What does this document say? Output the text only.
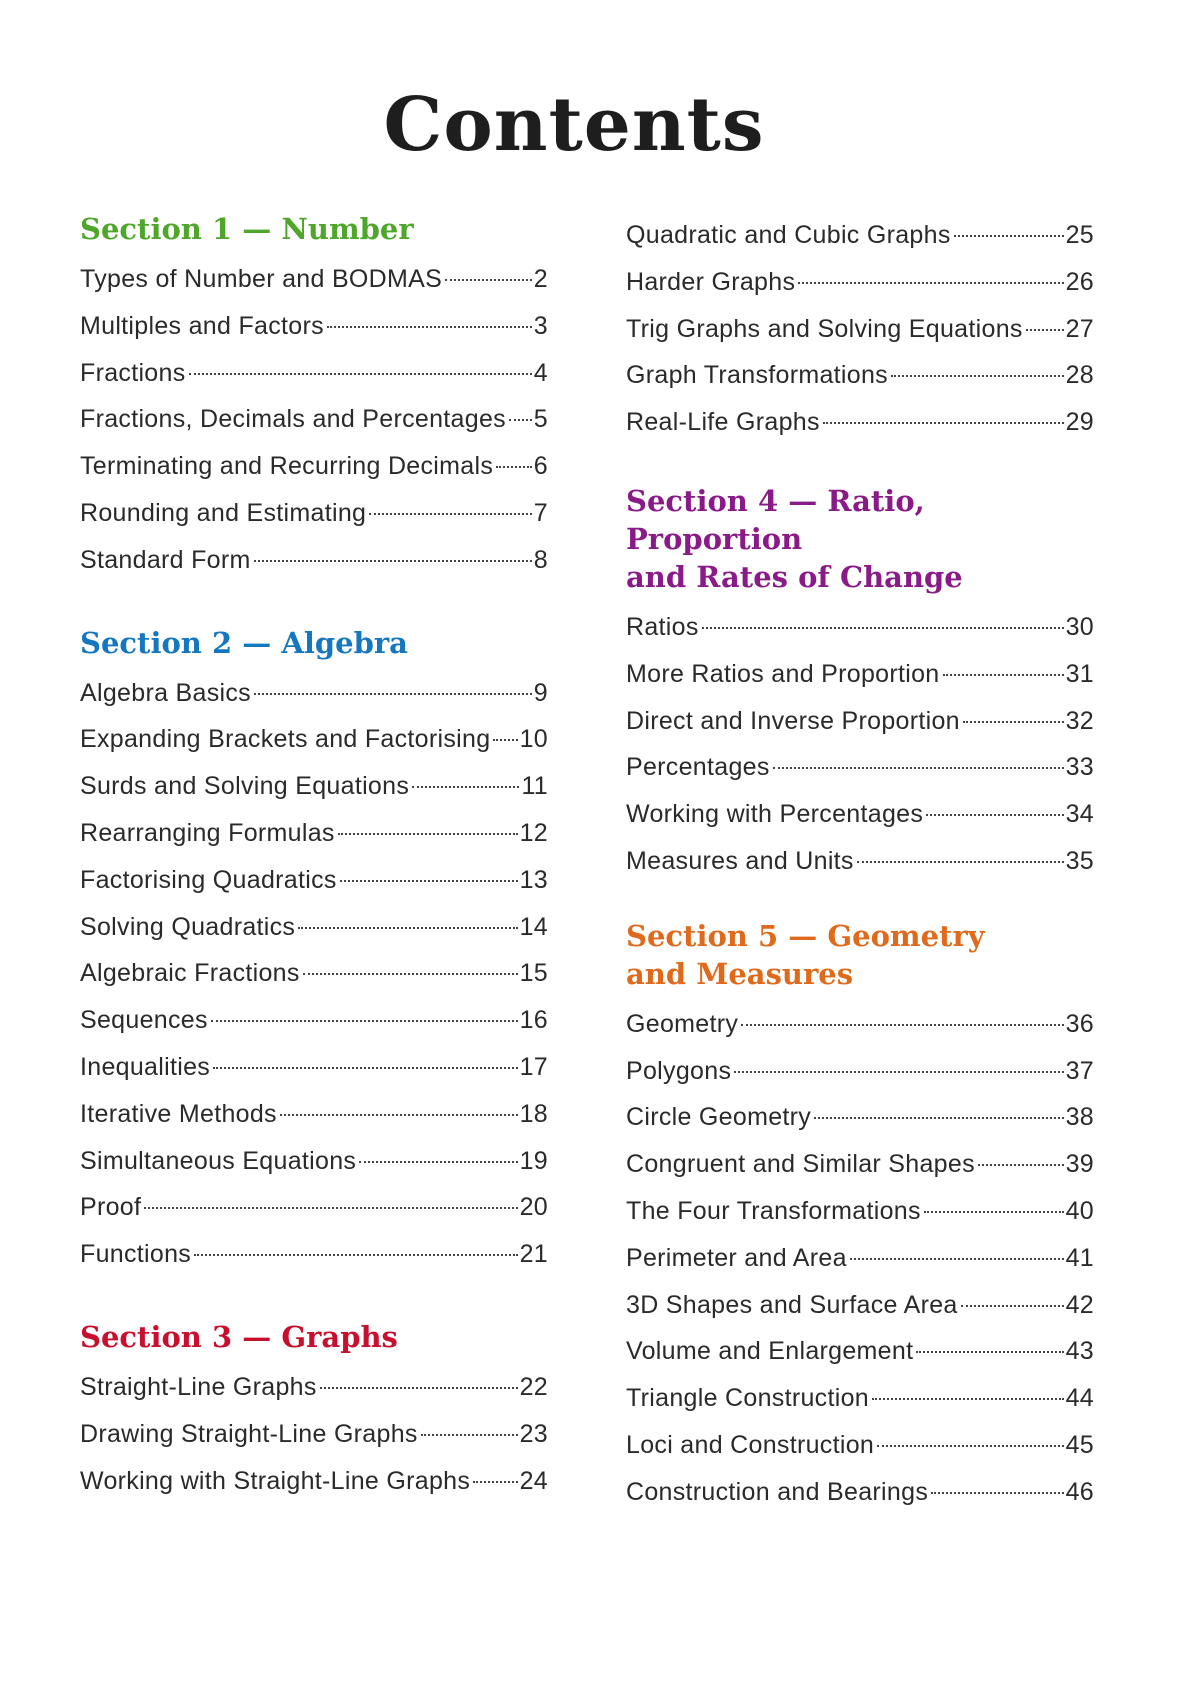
Contents
Section 1 — Number
Types of Number and BODMAS	2
Multiples and Factors	3
Fractions	4
Fractions, Decimals and Percentages 5
Terminating and Recurring Decimals 6
Rounding and Estimating	7
Standard Form	8
Section 2 — Algebra
Algebra Basics	9
Expanding Brackets and Factorising 10
Surds and Solving Equations	11
Rearranging Formulas	12
Factorising Quadratics	13
Solving Quadratics	14
Algebraic Fractions	15
Sequences	16
Inequalities	17
Iterative Methods	18
Simultaneous Equations	19
Proof	20
Functions	21
Section 3 — Graphs
Straight-Line Graphs	22
Drawing Straight-Line Graphs	23
Working with Straight-Line Graphs 24
Quadratic and Cubic Graphs	25
Harder Graphs	26
Trig Graphs and Solving Equations 27
Graph Transformations	28
Real-Life Graphs	29
Section 4 — Ratio, Proportion
and Rates of Change
Ratios	30
More Ratios and Proportion	31
Direct and Inverse Proportion	32
Percentages	33
Working with Percentages	34
Measures and Units	35
Section 5 — Geometry
and Measures
Geometry	36
Polygons	37
Circle Geometry	38
Congruent and Similar Shapes	39
The Four Transformations	40
Perimeter and Area	41
3D Shapes and Surface Area	42
Volume and Enlargement	43
Triangle Construction	44
Loci and Construction	45
Construction and Bearings	46
